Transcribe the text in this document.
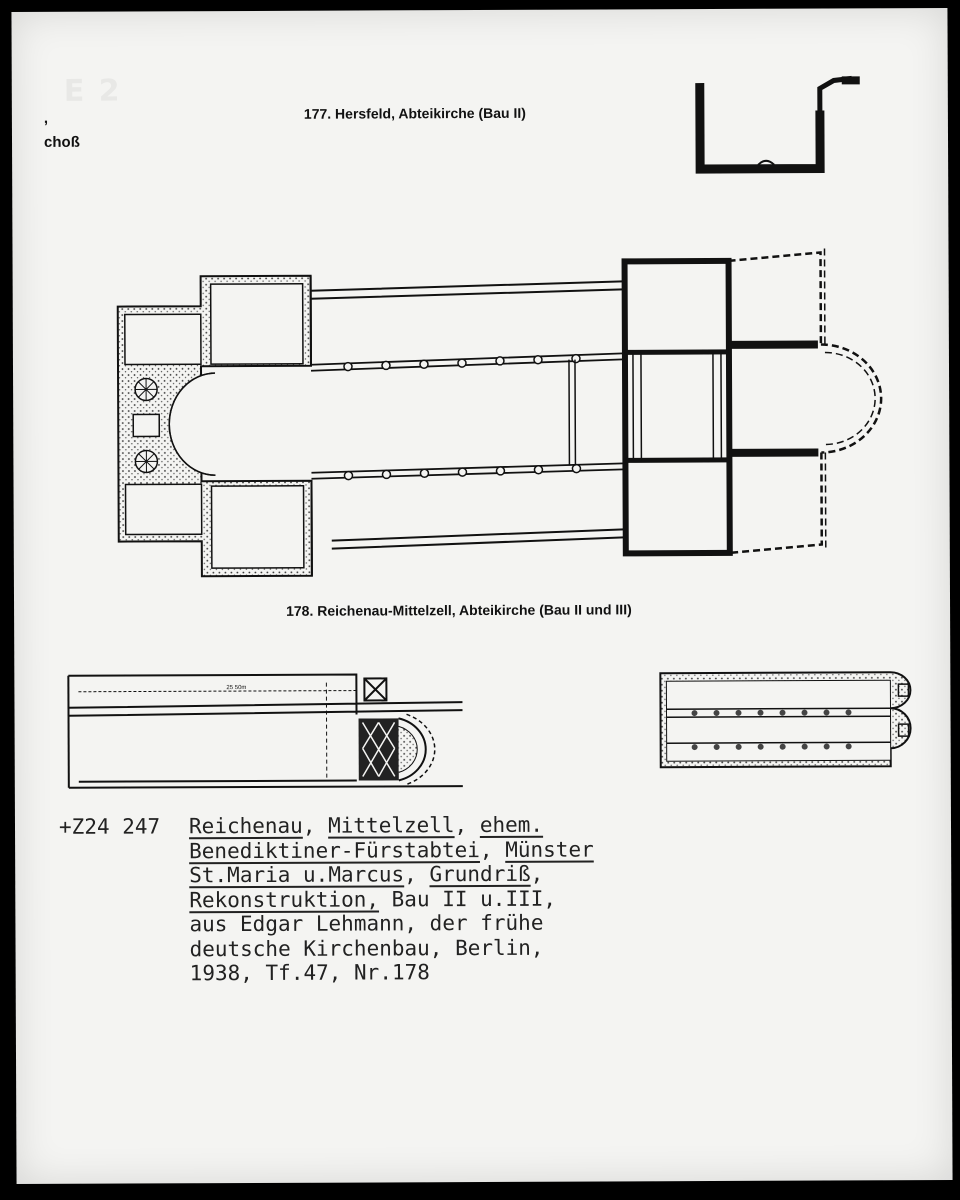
E 2
,
choß
177. Hersfeld, Abteikirche (Bau II)
178. Reichenau-Mittelzell, Abteikirche (Bau II und III)
25 50m
+Z24 247 Reichenau, Mittelzell, ehem.
Benediktiner-Fürstabtei, Münster
St.Maria u.Marcus, Grundriß,
Rekonstruktion, Bau II u.III,
aus Edgar Lehmann, der frühe
deutsche Kirchenbau, Berlin,
1938, Tf.47, Nr.178
